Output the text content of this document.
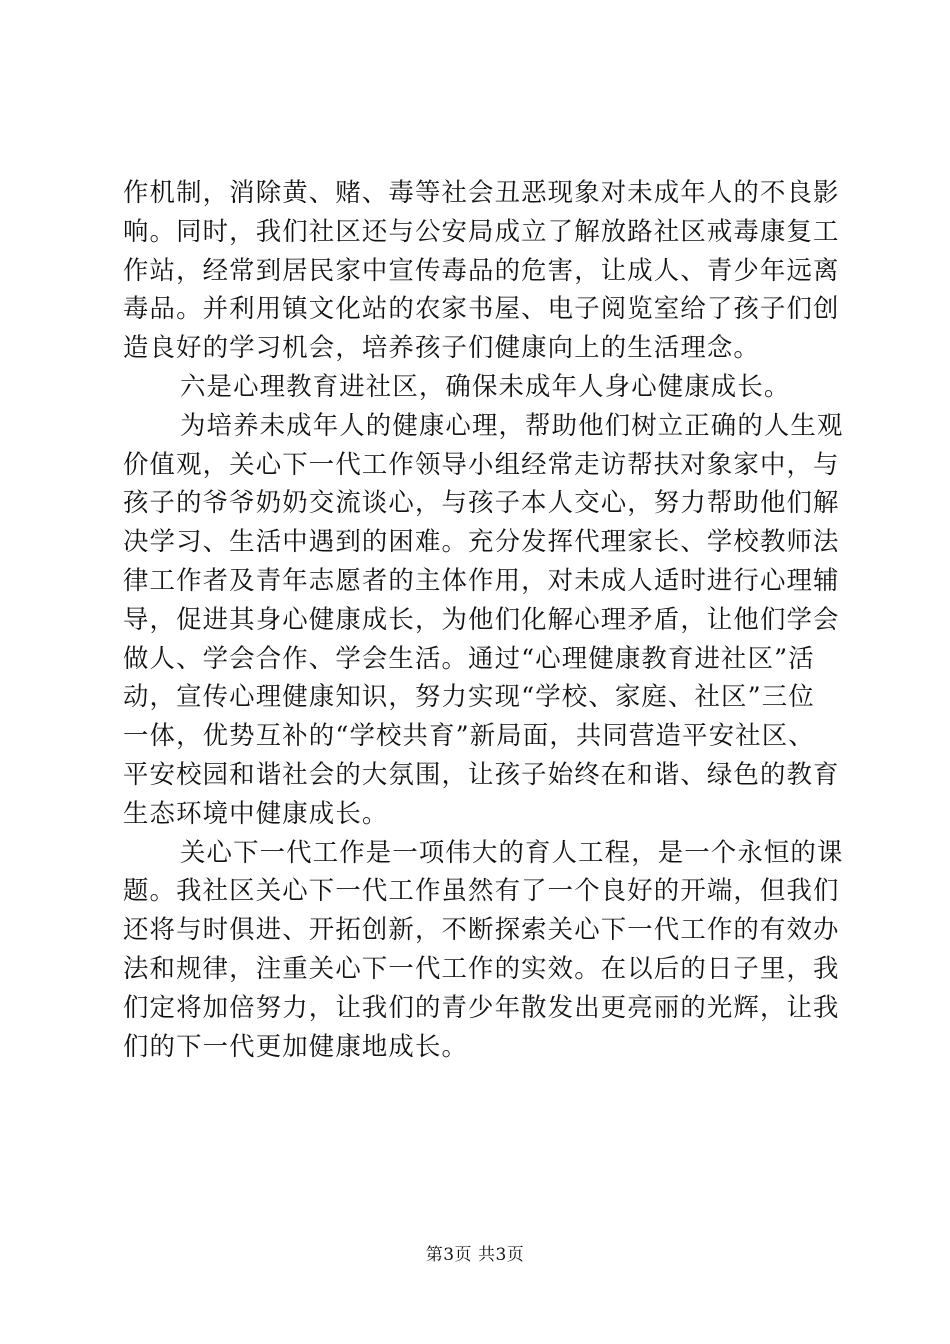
作机制，消除黄、赌、毒等社会丑恶现象对未成年人的不良影
响。同时，我们社区还与公安局成立了解放路社区戒毒康复工
作站，经常到居民家中宣传毒品的危害，让成人、青少年远离
毒品。并利用镇文化站的农家书屋、电子阅览室给了孩子们创
造良好的学习机会，培养孩子们健康向上的生活理念。
六是心理教育进社区，确保未成年人身心健康成长。
为培养未成年人的健康心理，帮助他们树立正确的人生观
价值观，关心下一代工作领导小组经常走访帮扶对象家中，与
孩子的爷爷奶奶交流谈心，与孩子本人交心，努力帮助他们解
决学习、生活中遇到的困难。充分发挥代理家长、学校教师法
律工作者及青年志愿者的主体作用，对未成人适时进行心理辅
导，促进其身心健康成长，为他们化解心理矛盾，让他们学会
做人、学会合作、学会生活。通过“心理健康教育进社区”活
动，宣传心理健康知识，努力实现“学校、家庭、社区”三位
一体，优势互补的“学校共育”新局面，共同营造平安社区、
平安校园和谐社会的大氛围，让孩子始终在和谐、绿色的教育
生态环境中健康成长。
关心下一代工作是一项伟大的育人工程，是一个永恒的课
题。我社区关心下一代工作虽然有了一个良好的开端，但我们
还将与时俱进、开拓创新，不断探索关心下一代工作的有效办
法和规律，注重关心下一代工作的实效。在以后的日子里，我
们定将加倍努力，让我们的青少年散发出更亮丽的光辉，让我
们的下一代更加健康地成长。
第3页 共3页
